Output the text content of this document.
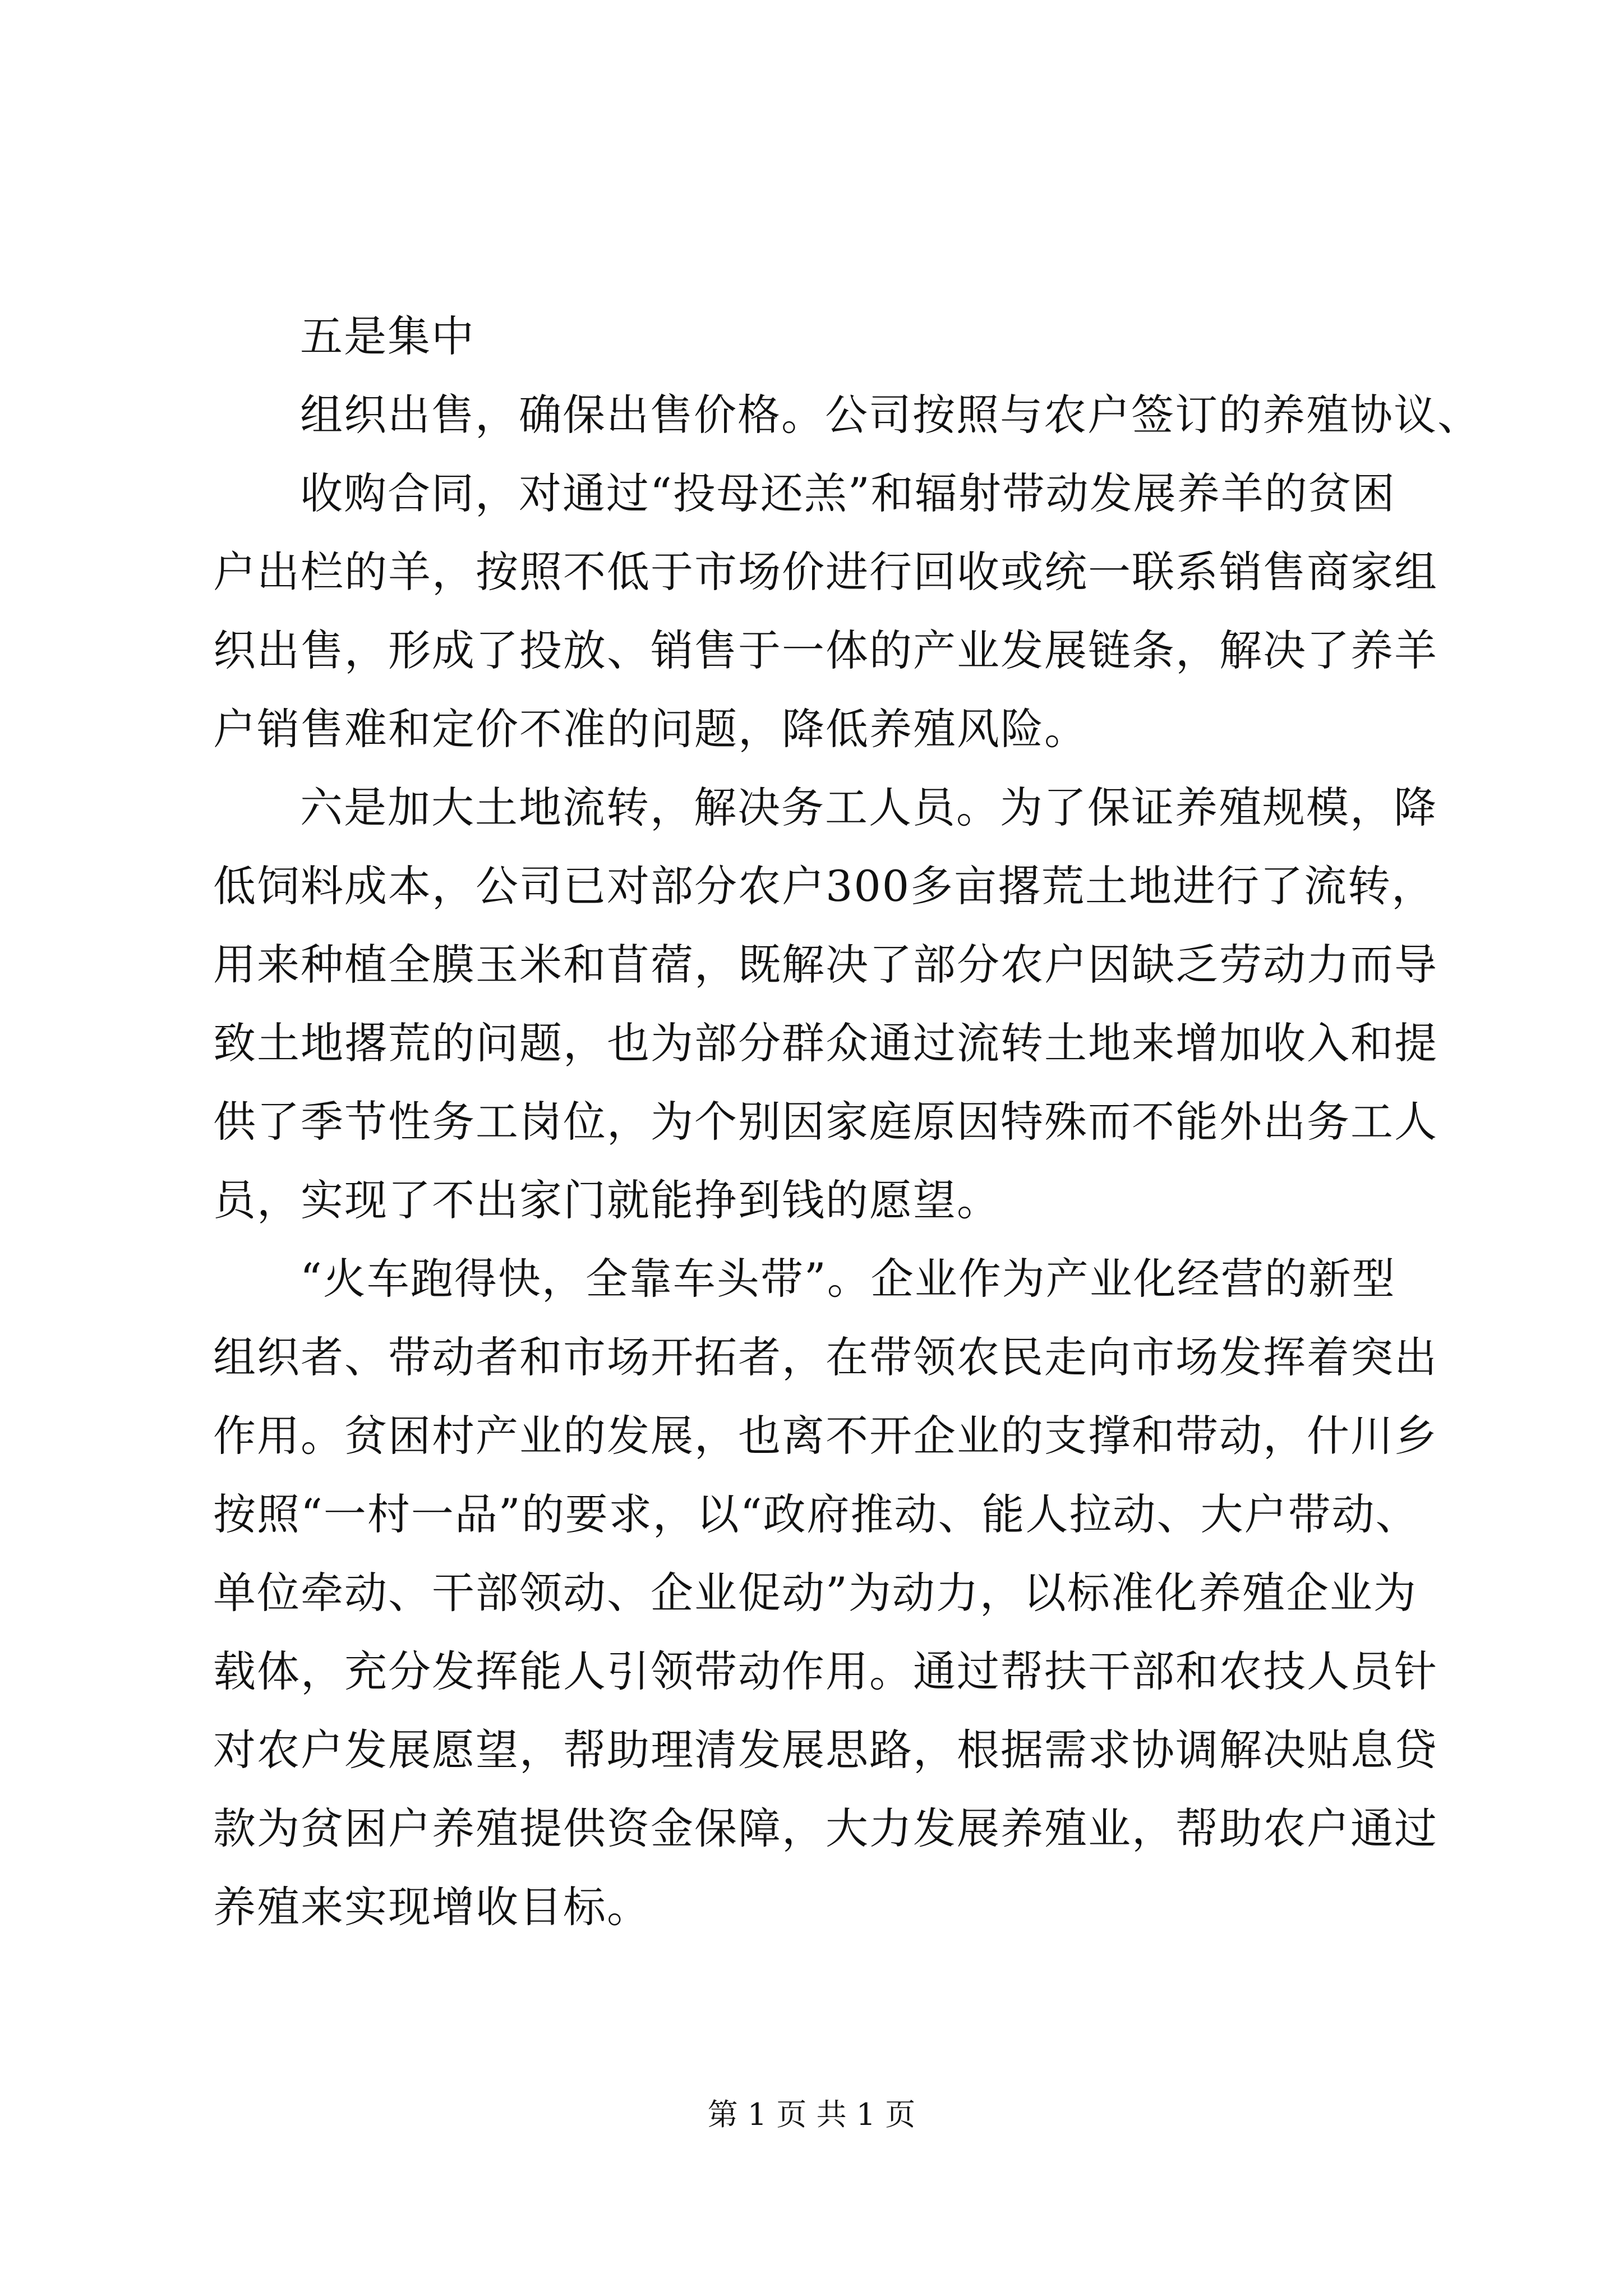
五是集中
组织出售，确保出售价格。公司按照与农户签订的养殖协议、
收购合同，对通过“投母还羔”和辐射带动发展养羊的贫困
户出栏的羊，按照不低于市场价进行回收或统一联系销售商家组
织出售，形成了投放、销售于一体的产业发展链条，解决了养羊
户销售难和定价不准的问题，降低养殖风险。
六是加大土地流转，解决务工人员。为了保证养殖规模，降
低饲料成本，公司已对部分农户300多亩撂荒土地进行了流转，
用来种植全膜玉米和苜蓿，既解决了部分农户因缺乏劳动力而导
致土地撂荒的问题，也为部分群众通过流转土地来增加收入和提
供了季节性务工岗位，为个别因家庭原因特殊而不能外出务工人
员，实现了不出家门就能挣到钱的愿望。
“火车跑得快，全靠车头带”。企业作为产业化经营的新型
组织者、带动者和市场开拓者，在带领农民走向市场发挥着突出
作用。贫困村产业的发展，也离不开企业的支撑和带动，什川乡
按照“一村一品”的要求，以“政府推动、能人拉动、大户带动、
单位牵动、干部领动、企业促动”为动力，以标准化养殖企业为
载体，充分发挥能人引领带动作用。通过帮扶干部和农技人员针
对农户发展愿望，帮助理清发展思路，根据需求协调解决贴息贷
款为贫困户养殖提供资金保障，大力发展养殖业，帮助农户通过
养殖来实现增收目标。
第 1 页 共 1 页
